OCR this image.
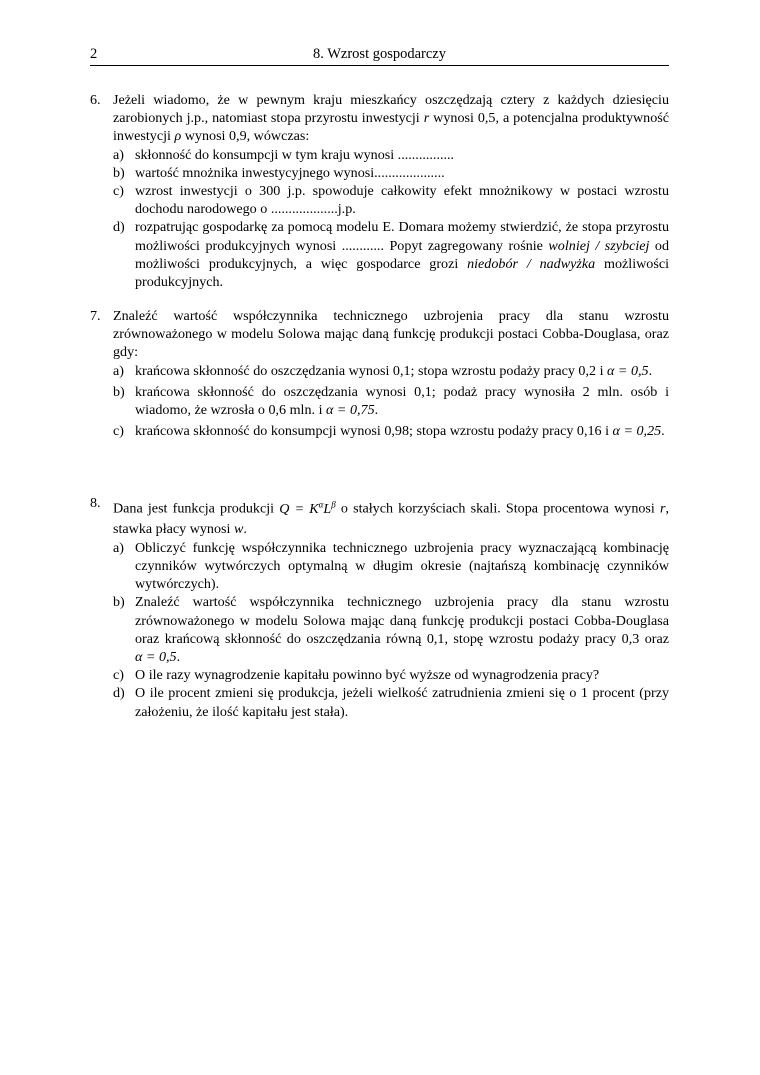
2	8. Wzrost gospodarczy
6. Jeżeli wiadomo, że w pewnym kraju mieszkańcy oszczędzają cztery z każdych dziesięciu zarobionych j.p., natomiast stopa przyrostu inwestycji r wynosi 0,5, a potencjalna produktywność inwestycji ρ wynosi 0,9, wówczas:
a) skłonność do konsumpcji w tym kraju wynosi ................
b) wartość mnożnika inwestycyjnego wynosi....................
c) wzrost inwestycji o 300 j.p. spowoduje całkowity efekt mnożnikowy w postaci wzrostu dochodu narodowego o ...................j.p.
d) rozpatrując gospodarkę za pomocą modelu E. Domara możemy stwierdzić, że stopa przyrostu możliwości produkcyjnych wynosi ............ Popyt zagregowany rośnie wolniej / szybciej od możliwości produkcyjnych, a więc gospodarce grozi niedobór / nadwyżka możliwości produkcyjnych.
7. Znaleźć wartość współczynnika technicznego uzbrojenia pracy dla stanu wzrostu zrównoważonego w modelu Solowa mając daną funkcję produkcji postaci Cobba-Douglasa, oraz gdy:
a) krańcowa skłonność do oszczędzania wynosi 0,1; stopa wzrostu podaży pracy 0,2 i α = 0,5.
b) krańcowa skłonność do oszczędzania wynosi 0,1; podaż pracy wynosiła 2 mln. osób i wiadomo, że wzrosła o 0,6 mln. i α = 0,75.
c) krańcowa skłonność do konsumpcji wynosi 0,98; stopa wzrostu podaży pracy 0,16 i α = 0,25.
8. Dana jest funkcja produkcji $Q = K^\alpha L^\beta$ o stałych korzyściach skali. Stopa procentowa wynosi r, stawka płacy wynosi w.
a) Obliczyć funkcję współczynnika technicznego uzbrojenia pracy wyznaczającą kombinację czynników wytwórczych optymalną w długim okresie (najtańszą kombinację czynników wytwórczych).
b) Znaleźć wartość współczynnika technicznego uzbrojenia pracy dla stanu wzrostu zrównoważonego w modelu Solowa mając daną funkcję produkcji postaci Cobba-Douglasa oraz krańcową skłonność do oszczędzania równą 0,1, stopę wzrostu podaży pracy 0,3 oraz α = 0,5.
c) O ile razy wynagrodzenie kapitału powinno być wyższe od wynagrodzenia pracy?
d) O ile procent zmieni się produkcja, jeżeli wielkość zatrudnienia zmieni się o 1 procent (przy założeniu, że ilość kapitału jest stała).
